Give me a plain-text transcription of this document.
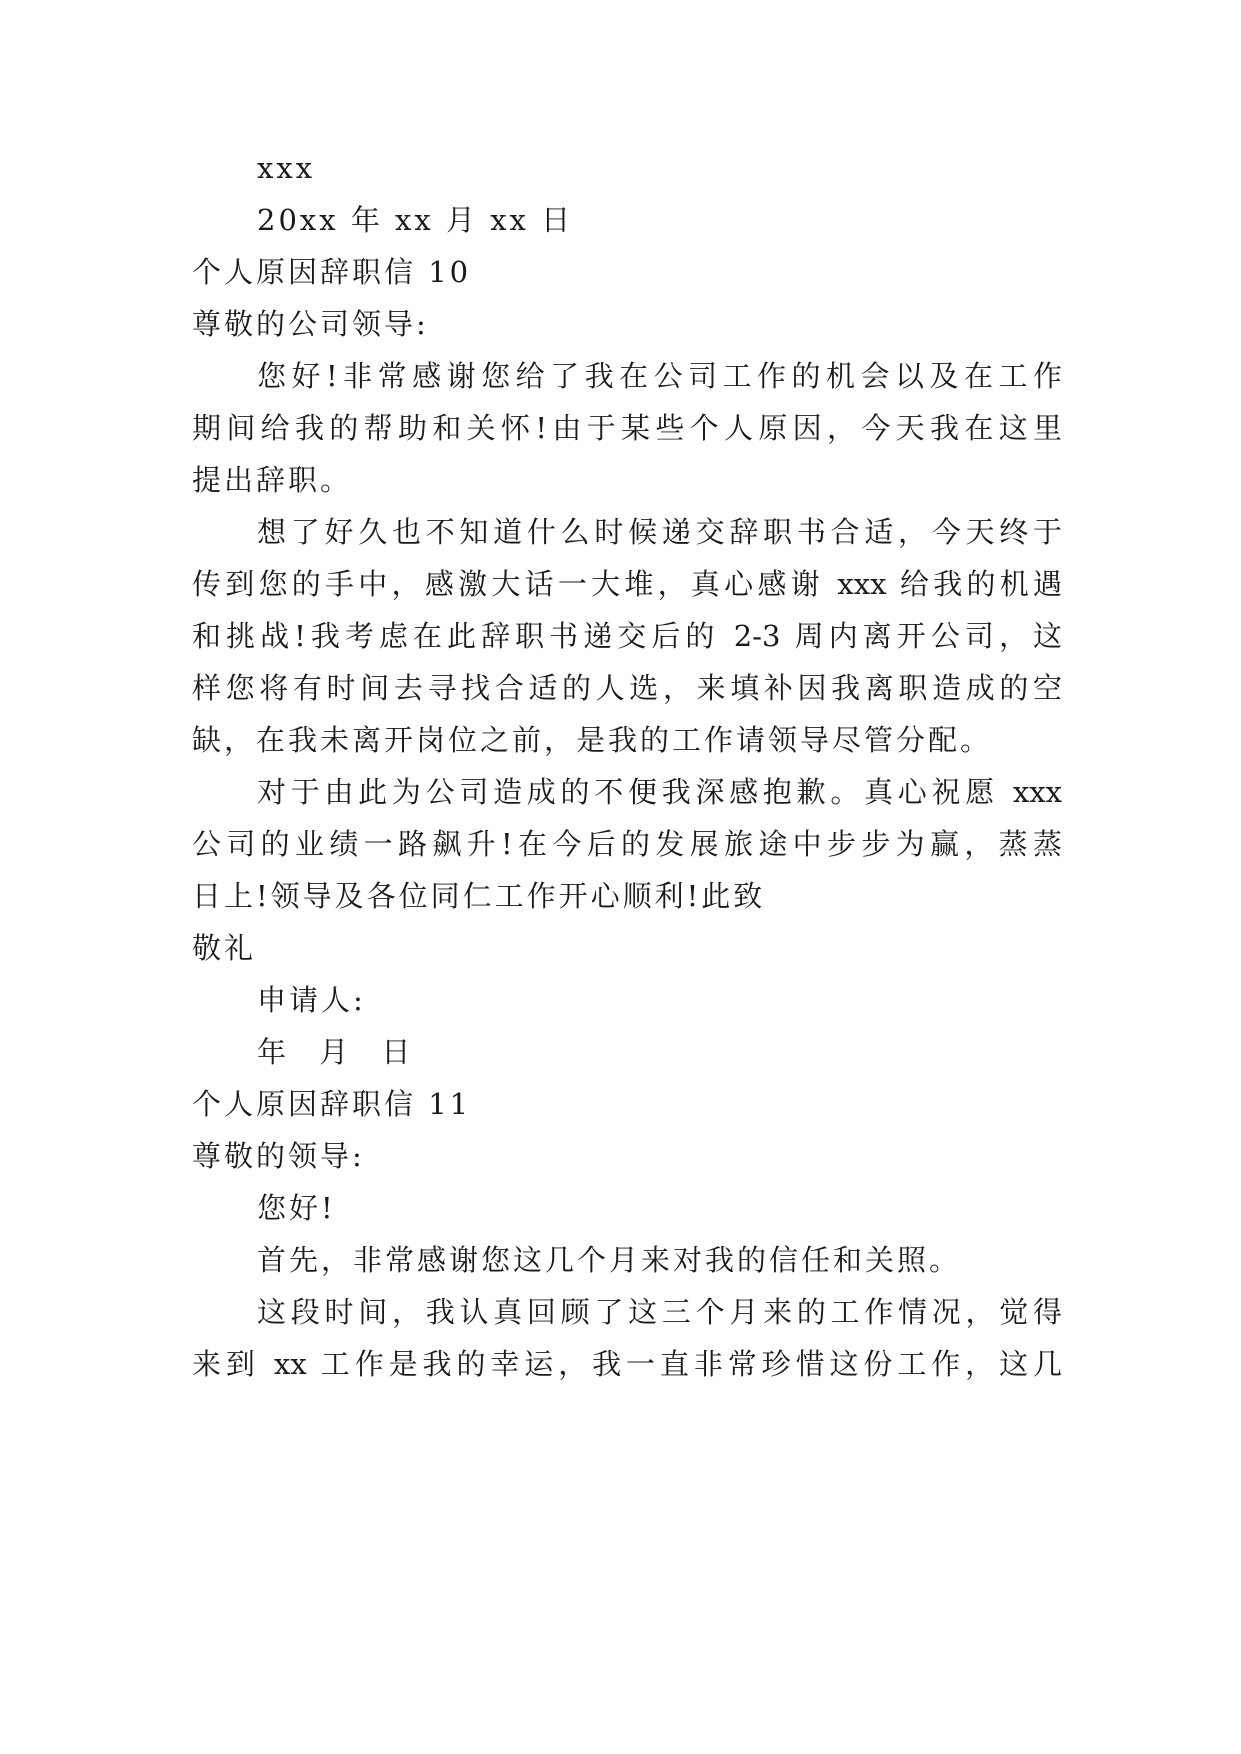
xxx
20xx 年 xx 月 xx 日
个人原因辞职信 10
尊敬的公司领导:
您好!非常感谢您给了我在公司工作的机会以及在工作
期间给我的帮助和关怀!由于某些个人原因，今天我在这里
提出辞职。
想了好久也不知道什么时候递交辞职书合适，今天终于
传到您的手中，感激大话一大堆，真心感谢 xxx 给我的机遇
和挑战!我考虑在此辞职书递交后的 2-3 周内离开公司，这
样您将有时间去寻找合适的人选，来填补因我离职造成的空
缺，在我未离开岗位之前，是我的工作请领导尽管分配。
对于由此为公司造成的不便我深感抱歉。真心祝愿 xxx
公司的业绩一路飙升!在今后的发展旅途中步步为赢，蒸蒸
日上!领导及各位同仁工作开心顺利!此致
敬礼
申请人:
年 月 日
个人原因辞职信 11
尊敬的领导:
您好!
首先，非常感谢您这几个月来对我的信任和关照。
这段时间，我认真回顾了这三个月来的工作情况，觉得
来到 xx 工作是我的幸运，我一直非常珍惜这份工作，这几
